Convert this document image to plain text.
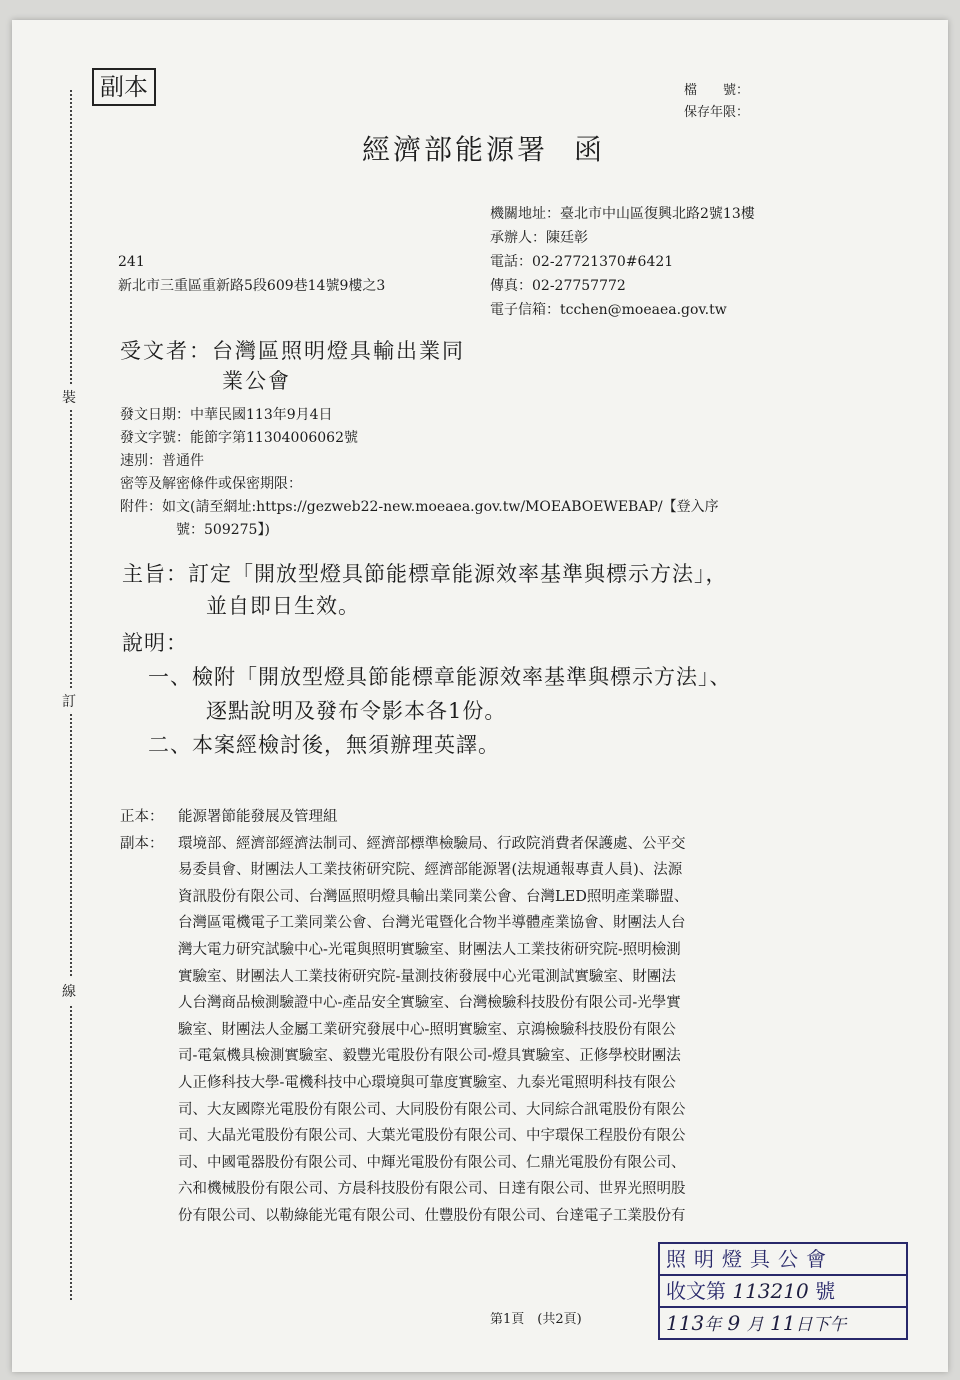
裝
訂
線
副本	檔　　號：
保存年限：
經濟部能源署 函
機關地址：臺北市中山區復興北路2號13樓
承辦人：陳廷彰
電話：02-27721370#6421
傳真：02-27757772
電子信箱：tcchen@moeaea.gov.tw
241
新北市三重區重新路5段609巷14號9樓之3
受文者：台灣區照明燈具輸出業同
業公會
發文日期：中華民國113年9月4日
發文字號：能節字第11304006062號
速別：普通件
密等及解密條件或保密期限：
附件：如文(請至網址:https://gezweb22-new.moeaea.gov.tw/MOEABOEWEBAP/【登入序
號：509275】)
主旨：訂定「開放型燈具節能標章能源效率基準與標示方法」，
並自即日生效。
說明：
一、檢附「開放型燈具節能標章能源效率基準與標示方法」、
逐點說明及發布令影本各1份。
二、本案經檢討後，無須辦理英譯。
正本：	能源署節能發展及管理組
副本：	環境部、經濟部經濟法制司、經濟部標準檢驗局、行政院消費者保護處、公平交
易委員會、財團法人工業技術研究院、經濟部能源署(法規通報專責人員)、法源
資訊股份有限公司、台灣區照明燈具輸出業同業公會、台灣LED照明產業聯盟、
台灣區電機電子工業同業公會、台灣光電暨化合物半導體產業協會、財團法人台
灣大電力研究試驗中心-光電與照明實驗室、財團法人工業技術研究院-照明檢測
實驗室、財團法人工業技術研究院-量測技術發展中心光電測試實驗室、財團法
人台灣商品檢測驗證中心-產品安全實驗室、台灣檢驗科技股份有限公司-光學實
驗室、財團法人金屬工業研究發展中心-照明實驗室、京鴻檢驗科技股份有限公
司-電氣機具檢測實驗室、毅豐光電股份有限公司-燈具實驗室、正修學校財團法
人正修科技大學-電機科技中心環境與可靠度實驗室、九泰光電照明科技有限公
司、大友國際光電股份有限公司、大同股份有限公司、大同綜合訊電股份有限公
司、大晶光電股份有限公司、大葉光電股份有限公司、中宇環保工程股份有限公
司、中國電器股份有限公司、中輝光電股份有限公司、仁鼎光電股份有限公司、
六和機械股份有限公司、方晨科技股份有限公司、日達有限公司、世界光照明股
份有限公司、以勒綠能光電有限公司、仕豐股份有限公司、台達電子工業股份有
第1頁　(共2頁)
照明燈具公會
收文第 113210 號
113年 9 月 11日下午
